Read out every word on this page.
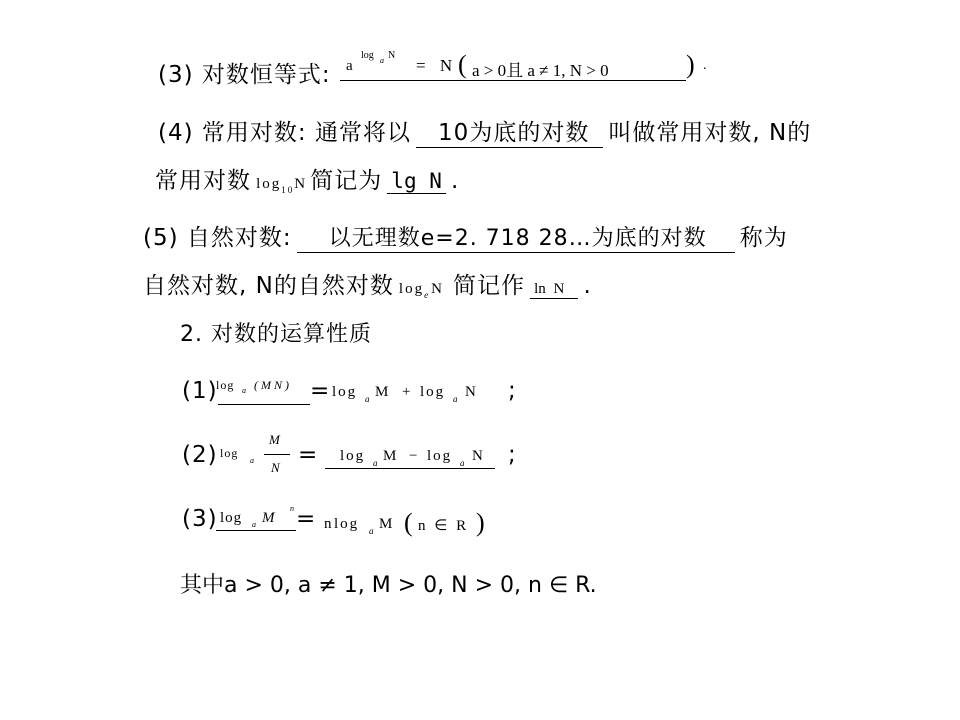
(3) 对数恒等式: a
log a N
= N ( a > 0且 a ≠ 1, N > 0	) .
(4) 常用对数: 通常将以 10为底的对数 叫做常用对数, N的
常用对数 $\log_{10}N$ 简记为 lg N .
(5) 自然对数: 以无理数e=2. 718 28…为底的对数 称为
自然对数, N的自然对数 $\log_e N$ 简记作 ln N .
2. 对数的运算性质
(1)
log a ( M N ) = log a M + log a N ;
(2) log
a
M
N = log a M − log a N ;
(3) log a M
n = n log a M ( n ∈ R )
其中a > 0, a ≠ 1, M > 0, N > 0, n ∈ R.
